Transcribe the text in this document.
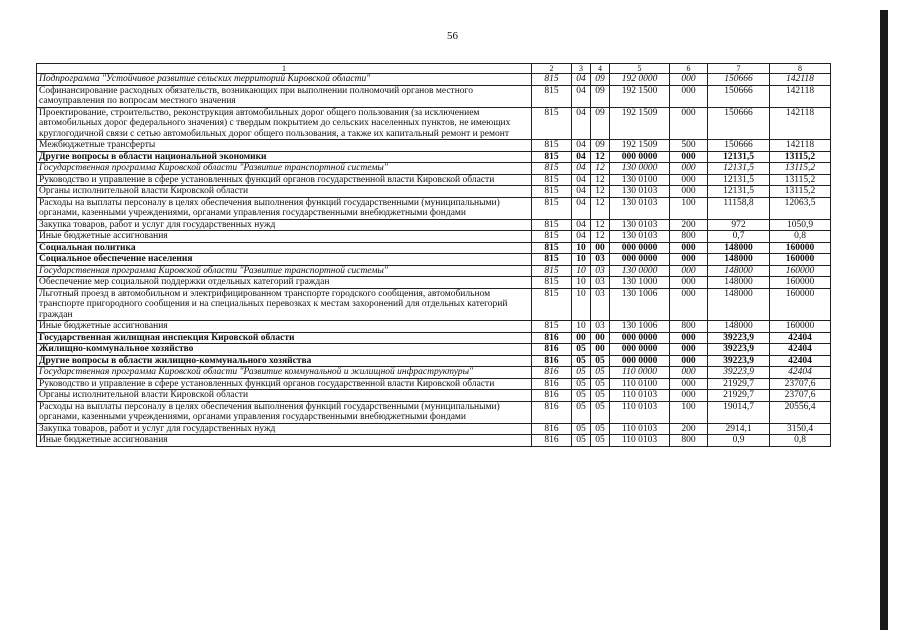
56
1	2	3	4	5	6	7	8
Подпрограмма "Устойчивое развитие сельских территорий Кировской области"	815	04	09	192 0000	000	150666	142118
Софинансирование расходных обязательств, возникающих при выполнении полномочий органов местного самоуправления по вопросам местного значения	815	04	09	192 1500	000	150666	142118
Проектирование, строительство, реконструкция автомобильных дорог общего пользования (за исключением автомобильных дорог федерального значения) с твердым покрытием до сельских населенных пунктов, не имеющих круглогодичной связи с сетью автомобильных дорог общего пользования, а также их капитальный ремонт и ремонт	815	04	09	192 1509	000	150666	142118
Межбюджетные трансферты	815	04	09	192 1509	500	150666	142118
Другие вопросы в области национальной экономики	815	04	12	000 0000	000	12131,5	13115,2
Государственная программа Кировской области "Развитие транспортной системы"	815	04	12	130 0000	000	12131,5	13115,2
Руководство и управление в сфере установленных функций органов государственной власти Кировской области	815	04	12	130 0100	000	12131,5	13115,2
Органы исполнительной власти Кировской области	815	04	12	130 0103	000	12131,5	13115,2
Расходы на выплаты персоналу в целях обеспечения выполнения функций государственными (муниципальными) органами, казенными учреждениями, органами управления государственными внебюджетными фондами	815	04	12	130 0103	100	11158,8	12063,5
Закупка товаров, работ и услуг для государственных нужд	815	04	12	130 0103	200	972	1050,9
Иные бюджетные ассигнования	815	04	12	130 0103	800	0,7	0,8
Социальная политика	815	10	00	000 0000	000	148000	160000
Социальное обеспечение населения	815	10	03	000 0000	000	148000	160000
Государственная программа Кировской области "Развитие транспортной системы"	815	10	03	130 0000	000	148000	160000
Обеспечение мер социальной поддержки отдельных категорий граждан	815	10	03	130 1000	000	148000	160000
Льготный проезд в автомобильном и электрифицированном транспорте городского сообщения, автомобильном транспорте пригородного сообщения и на специальных перевозках к местам захоронений для отдельных категорий граждан	815	10	03	130 1006	000	148000	160000
Иные бюджетные ассигнования	815	10	03	130 1006	800	148000	160000
Государственная жилищная инспекция Кировской области	816	00	00	000 0000	000	39223,9	42404
Жилищно-коммунальное хозяйство	816	05	00	000 0000	000	39223,9	42404
Другие вопросы в области жилищно-коммунального хозяйства	816	05	05	000 0000	000	39223,9	42404
Государственная программа Кировской области "Развитие коммунальной и жилищной инфраструктуры"	816	05	05	110 0000	000	39223,9	42404
Руководство и управление в сфере установленных функций органов государственной власти Кировской области	816	05	05	110 0100	000	21929,7	23707,6
Органы исполнительной власти Кировской области	816	05	05	110 0103	000	21929,7	23707,6
Расходы на выплаты персоналу в целях обеспечения выполнения функций государственными (муниципальными) органами, казенными учреждениями, органами управления государственными внебюджетными фондами	816	05	05	110 0103	100	19014,7	20556,4
Закупка товаров, работ и услуг для государственных нужд	816	05	05	110 0103	200	2914,1	3150,4
Иные бюджетные ассигнования	816	05	05	110 0103	800	0,9	0,8
